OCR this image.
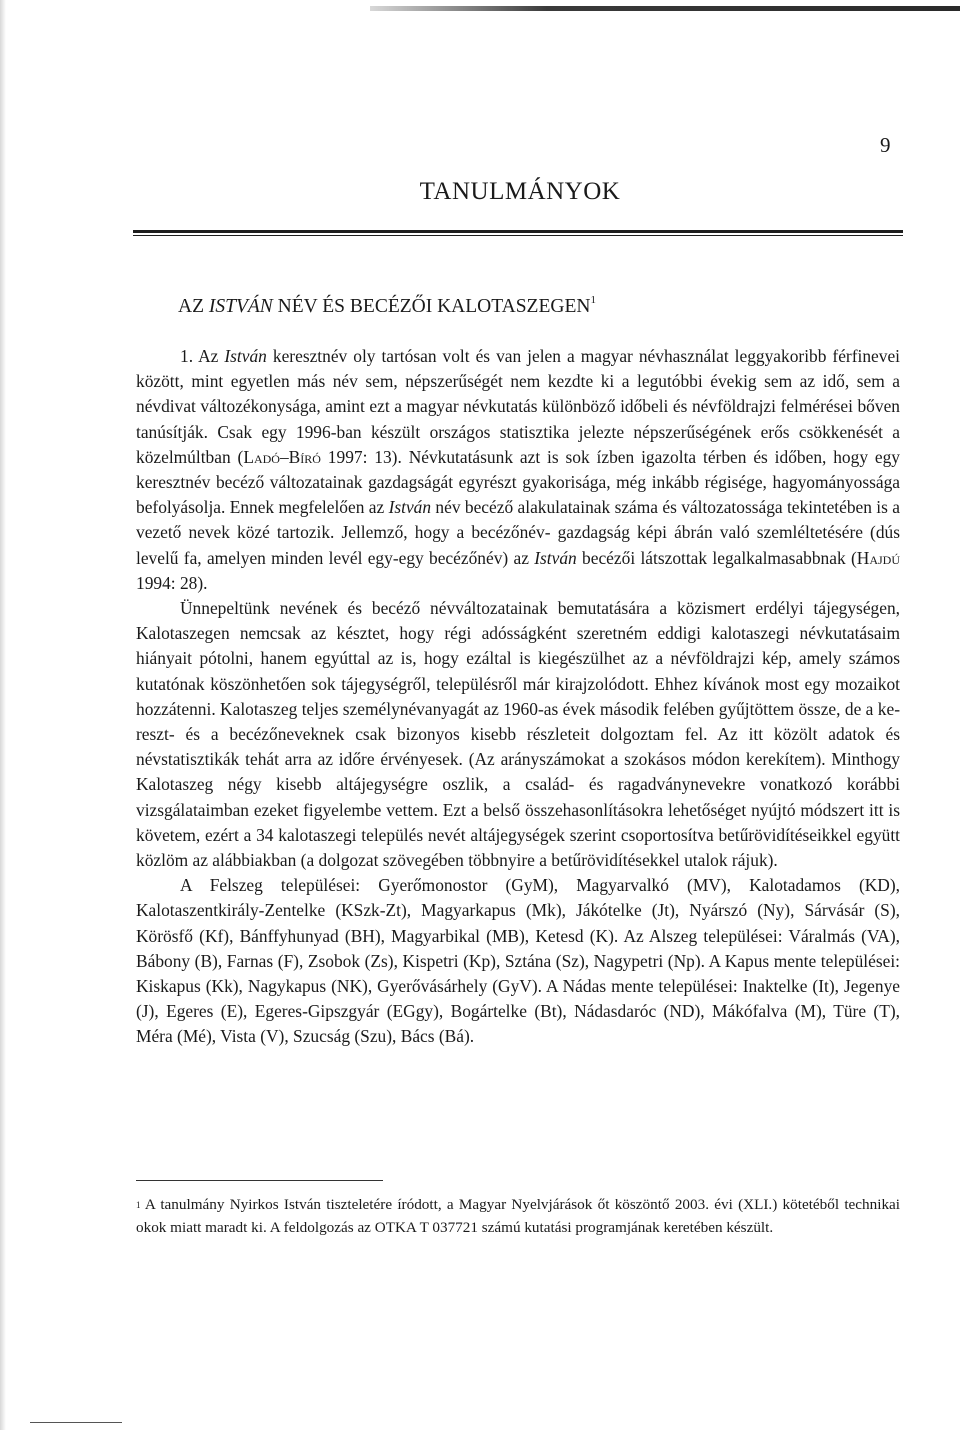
9
TANULMÁNYOK
AZ ISTVÁN NÉV ÉS BECÉZŐI KALOTASZEGEN$^1$

1. Az István keresztnév oly tartósan volt és van jelen a magyar névhasználat leggyakoribb férfinevei között, mint egyetlen más név sem, népszerűségét nem kezdte ki a legutóbbi évekig sem az idő, sem a névdivat változékonysága, amint ezt a magyar névkutatás különböző időbeli és névföldrajzi felmérései bőven tanúsítják. Csak egy 1996-ban készült országos statisztika jelezte népszerűségének erős csökkenését a közelmúltban (Ladó–Bíró 1997: 13). Névkutatásunk azt is sok ízben igazolta térben és időben, hogy egy keresztnév becéző változatainak gazdagságát egyrészt gyakorisága, még inkább régisége, hagyományossága befolyásolja. Ennek megfelelően az István név becéző alakulatainak száma és változatossága tekintetében is a vezető nevek közé tartozik. Jellemző, hogy a becézőnév- gazdagság képi ábrán való szemléltetésére (dús levelű fa, amelyen minden levél egy-egy becézőnév) az István becézői látszottak legalkalmasabbnak (Hajdú 1994: 28).

Ünnepeltünk nevének és becéző névváltozatainak bemutatására a közismert erdélyi tájegységen, Kalotaszegen nemcsak az késztet, hogy régi adósságként szeretném eddigi kalotaszegi névkutatásaim hiányait pótolni, hanem egyúttal az is, hogy ezáltal is kiegészülhet az a névföldrajzi kép, amely számos kutatónak köszönhetően sok tájegységről, településről már kirajzolódott. Ehhez kívánok most egy mozaikot hozzátenni. Kalotaszeg teljes személynévanyagát az 1960-as évek második felében gyűjtöttem össze, de a kereszt- és a becézőneveknek csak bizonyos kisebb részleteit dolgoztam fel. Az itt közölt adatok és névstatisztikák tehát arra az időre érvényesek. (Az arányszámokat a szokásos módon kerekítem). Minthogy Kalotaszeg négy kisebb altájegységre oszlik, a család- és ragadványnevekre vonatkozó korábbi vizsgálataimban ezeket figyelembe vettem. Ezt a belső összehasonlításokra lehetőséget nyújtó módszert itt is követem, ezért a 34 kalotaszegi település nevét altájegységek szerint csoportosítva betűrövidítéseikkel együtt közlöm az alábbiakban (a dolgozat szövegében többnyire a betűrövidítésekkel utalok rájuk).

A Felszeg települései: Gyerőmonostor (GyM), Magyarvalkó (MV), Kalotadamos (KD), Kalotaszentkirály-Zentelke (KSzk-Zt), Magyarkapus (Mk), Jákótelke (Jt), Nyárszó (Ny), Sárvásár (S), Körösfő (Kf), Bánffyhunyad (BH), Magyarbikal (MB), Ketesd (K). Az Alszeg települései: Váralmás (VA), Bábony (B), Farnas (F), Zsobok (Zs), Kispetri (Kp), Sztána (Sz), Nagypetri (Np). A Kapus mente települései: Kiskapus (Kk), Nagykapus (NK), Gyerővásárhely (GyV). A Nádas mente települései: Inaktelke (It), Jegenye (J), Egeres (E), Egeres-Gipszgyár (EGgy), Bogártelke (Bt), Nádasdaróc (ND), Mákófalva (M), Türe (T), Méra (Mé), Vista (V), Szucság (Szu), Bács (Bá).

$^1$ A tanulmány Nyirkos István tiszteletére íródott, a Magyar Nyelvjárások őt köszöntő 2003. évi (XLI.) kötetéből technikai okok miatt maradt ki. A feldolgozás az OTKA T 037721 számú kutatási programjának keretében készült.
